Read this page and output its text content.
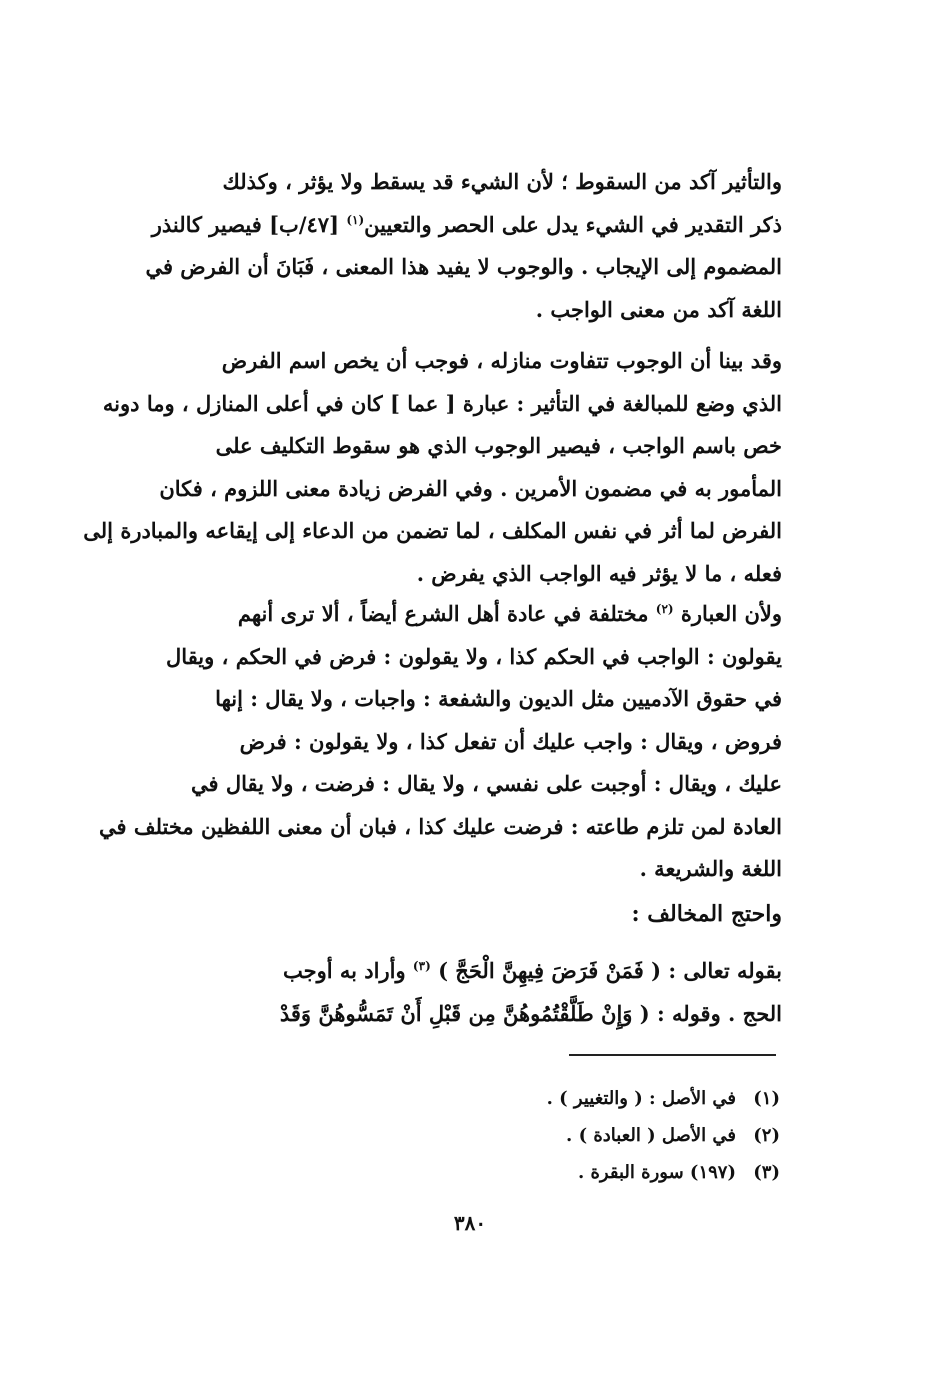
والتأثير آكد من السقوط ؛ لأن الشيء قد يسقط ولا يؤثر ، وكذلك
ذكر التقدير في الشيء يدل على الحصر والتعيين$^{(١)}$ [٤٧/ب] فيصير كالنذر
المضموم إلى الإيجاب . والوجوب لا يفيد هذا المعنى ، فَبَانَ أن الفرض في
اللغة آكد من معنى الواجب .
وقد بينا أن الوجوب تتفاوت منازله ، فوجب أن يخص اسم الفرض
الذي وضع للمبالغة في التأثير : عبارة [ عما ] كان في أعلى المنازل ، وما دونه
خص باسم الواجب ، فيصير الوجوب الذي هو سقوط التكليف على
المأمور به في مضمون الأمرين . وفي الفرض زيادة معنى اللزوم ، فكان
الفرض لما أثر في نفس المكلف ، لما تضمن من الدعاء إلى إيقاعه والمبادرة إلى
فعله ، ما لا يؤثر فيه الواجب الذي يفرض .
ولأن العبارة $^{(٢)}$ مختلفة في عادة أهل الشرع أيضاً ، ألا ترى أنهم
يقولون : الواجب في الحكم كذا ، ولا يقولون : فرض في الحكم ، ويقال
في حقوق الآدميين مثل الديون والشفعة : واجبات ، ولا يقال : إنها
فروض ، ويقال : واجب عليك أن تفعل كذا ، ولا يقولون : فرض
عليك ، ويقال : أوجبت على نفسي ، ولا يقال : فرضت ، ولا يقال في
العادة لمن تلزم طاعته : فرضت عليك كذا ، فبان أن معنى اللفظين مختلف في
اللغة والشريعة .
واحتج المخالف :
بقوله تعالى : ( فَمَنْ فَرَضَ فِيهِنَّ الْحَجَّ ) $^{(٣)}$ وأراد به أوجب
الحج . وقوله : ( وَإِنْ طَلَّقْتُمُوهُنَّ مِن قَبْلِ أَنْ تَمَسُّوهُنَّ وَقَدْ
(١)في الأصل : ( والتغيير ) .
(٢)في الأصل ( العبادة ) .
(٣)(١٩٧) سورة البقرة .
٣٨٠
